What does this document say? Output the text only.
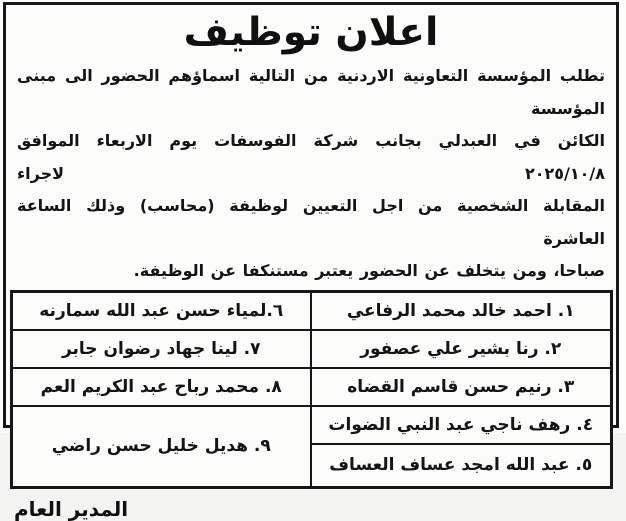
اعلان توظيف
تطلب المؤسسة التعاونية الاردنية من التالية اسماؤهم الحضور الى مبنى المؤسسة
الكائن في العبدلي بجانب شركة الفوسفات يوم الاربعاء الموافق ٢٠٢٥/١٠/٨ لاجراء
المقابلة الشخصية من اجل التعيين لوظيفة (محاسب) وذلك الساعة العاشرة
صباحا، ومن يتخلف عن الحضور يعتبر مستنكفا عن الوظيفة.
١. احمد خالد محمد الرفاعي	٦.لمياء حسن عبد الله سمارنه
٢. رنا بشير علي عصفور	٧. لينا جهاد رضوان جابر
٣. رنيم حسن قاسم القضاه	٨. محمد رباح عبد الكريم العم
٤. رهف ناجي عبد النبي الضوات	٩. هديل خليل حسن راضي
٥. عبد الله امجد عساف العساف	
المدير العام
